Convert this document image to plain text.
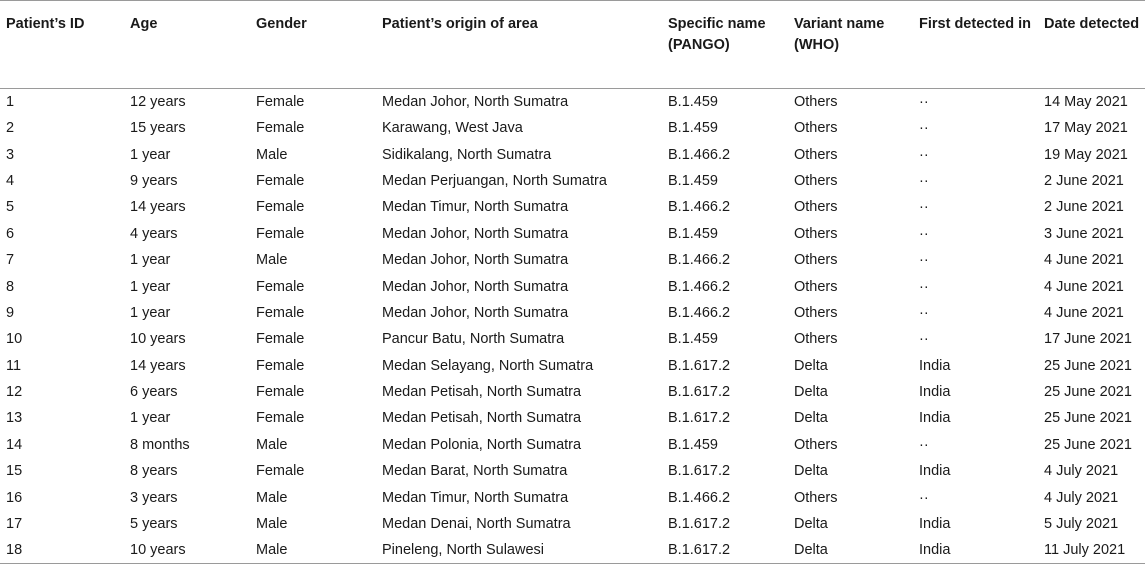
Patient’s ID	Age	Gender	Patient’s origin of area	Specific name (PANGO)	Variant name (WHO)	First detected in	Date detected
1	12 years	Female	Medan Johor, North Sumatra	B.1.459	Others	··	14 May 2021
2	15 years	Female	Karawang, West Java	B.1.459	Others	··	17 May 2021
3	1 year	Male	Sidikalang, North Sumatra	B.1.466.2	Others	··	19 May 2021
4	9 years	Female	Medan Perjuangan, North Sumatra	B.1.459	Others	··	2 June 2021
5	14 years	Female	Medan Timur, North Sumatra	B.1.466.2	Others	··	2 June 2021
6	4 years	Female	Medan Johor, North Sumatra	B.1.459	Others	··	3 June 2021
7	1 year	Male	Medan Johor, North Sumatra	B.1.466.2	Others	··	4 June 2021
8	1 year	Female	Medan Johor, North Sumatra	B.1.466.2	Others	··	4 June 2021
9	1 year	Female	Medan Johor, North Sumatra	B.1.466.2	Others	··	4 June 2021
10	10 years	Female	Pancur Batu, North Sumatra	B.1.459	Others	··	17 June 2021
11	14 years	Female	Medan Selayang, North Sumatra	B.1.617.2	Delta	India	25 June 2021
12	6 years	Female	Medan Petisah, North Sumatra	B.1.617.2	Delta	India	25 June 2021
13	1 year	Female	Medan Petisah, North Sumatra	B.1.617.2	Delta	India	25 June 2021
14	8 months	Male	Medan Polonia, North Sumatra	B.1.459	Others	··	25 June 2021
15	8 years	Female	Medan Barat, North Sumatra	B.1.617.2	Delta	India	4 July 2021
16	3 years	Male	Medan Timur, North Sumatra	B.1.466.2	Others	··	4 July 2021
17	5 years	Male	Medan Denai, North Sumatra	B.1.617.2	Delta	India	5 July 2021
18	10 years	Male	Pineleng, North Sulawesi	B.1.617.2	Delta	India	11 July 2021
